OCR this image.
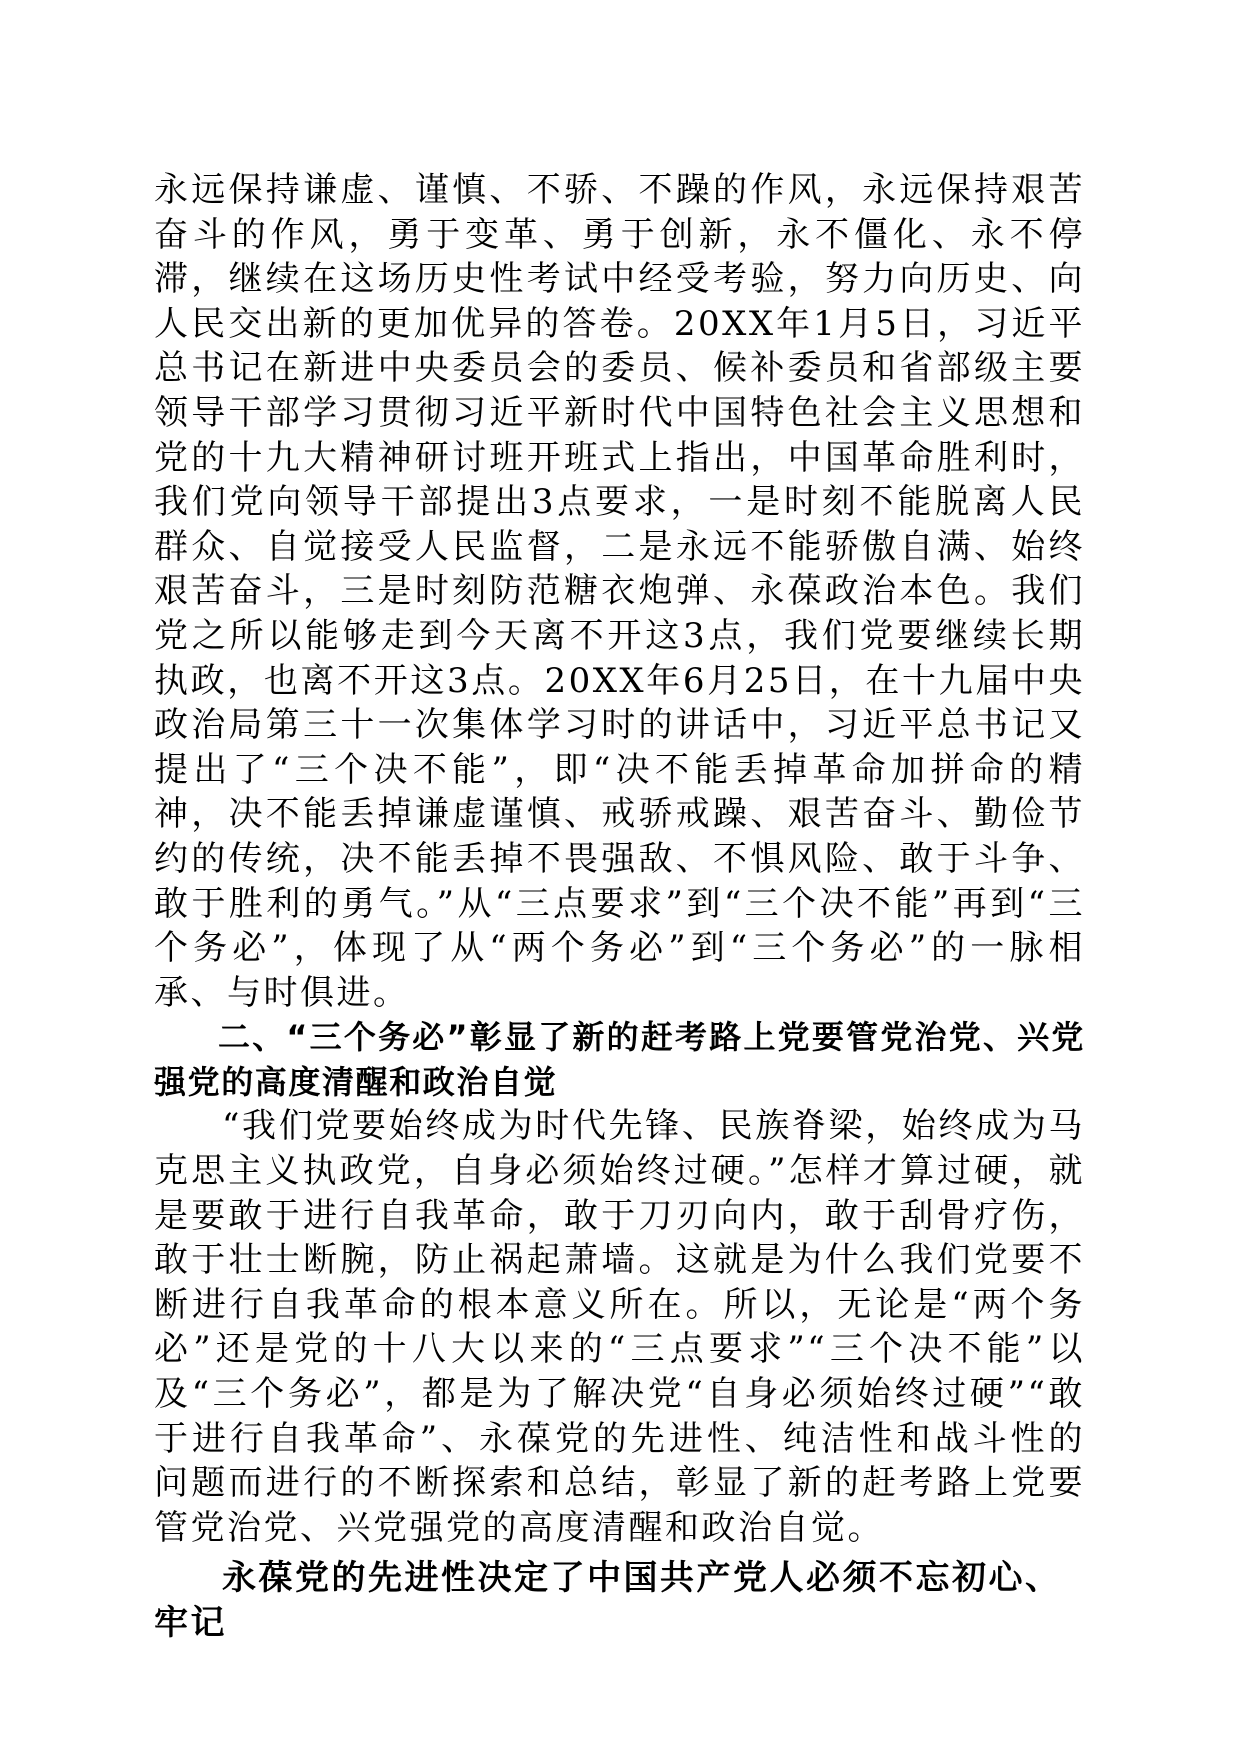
永远保持谦虚、谨慎、不骄、不躁的作风，永远保持艰苦奋斗的作风，勇于变革、勇于创新，永不僵化、永不停滞，继续在这场历史性考试中经受考验，努力向历史、向人民交出新的更加优异的答卷。20XX年1月5日，习近平总书记在新进中央委员会的委员、候补委员和省部级主要领导干部学习贯彻习近平新时代中国特色社会主义思想和党的十九大精神研讨班开班式上指出，中国革命胜利时，我们党向领导干部提出3点要求，一是时刻不能脱离人民群众、自觉接受人民监督，二是永远不能骄傲自满、始终艰苦奋斗，三是时刻防范糖衣炮弹、永葆政治本色。我们党之所以能够走到今天离不开这3点，我们党要继续长期执政，也离不开这3点。20XX年6月25日，在十九届中央政治局第三十一次集体学习时的讲话中，习近平总书记又提出了“三个决不能”，即“决不能丢掉革命加拼命的精神，决不能丢掉谦虚谨慎、戒骄戒躁、艰苦奋斗、勤俭节约的传统，决不能丢掉不畏强敌、不惧风险、敢于斗争、敢于胜利的勇气。”从“三点要求”到“三个决不能”再到“三个务必”，体现了从“两个务必”到“三个务必”的一脉相承、与时俱进。

二、“三个务必”彰显了新的赶考路上党要管党治党、兴党强党的高度清醒和政治自觉

“我们党要始终成为时代先锋、民族脊梁，始终成为马克思主义执政党，自身必须始终过硬。”怎样才算过硬，就是要敢于进行自我革命，敢于刀刃向内，敢于刮骨疗伤，敢于壮士断腕，防止祸起萧墙。这就是为什么我们党要不断进行自我革命的根本意义所在。所以，无论是“两个务必”还是党的十八大以来的“三点要求”“三个决不能”以及“三个务必”，都是为了解决党“自身必须始终过硬”“敢于进行自我革命”、永葆党的先进性、纯洁性和战斗性的问题而进行的不断探索和总结，彰显了新的赶考路上党要管党治党、兴党强党的高度清醒和政治自觉。

永葆党的先进性决定了中国共产党人必须不忘初心、牢记
